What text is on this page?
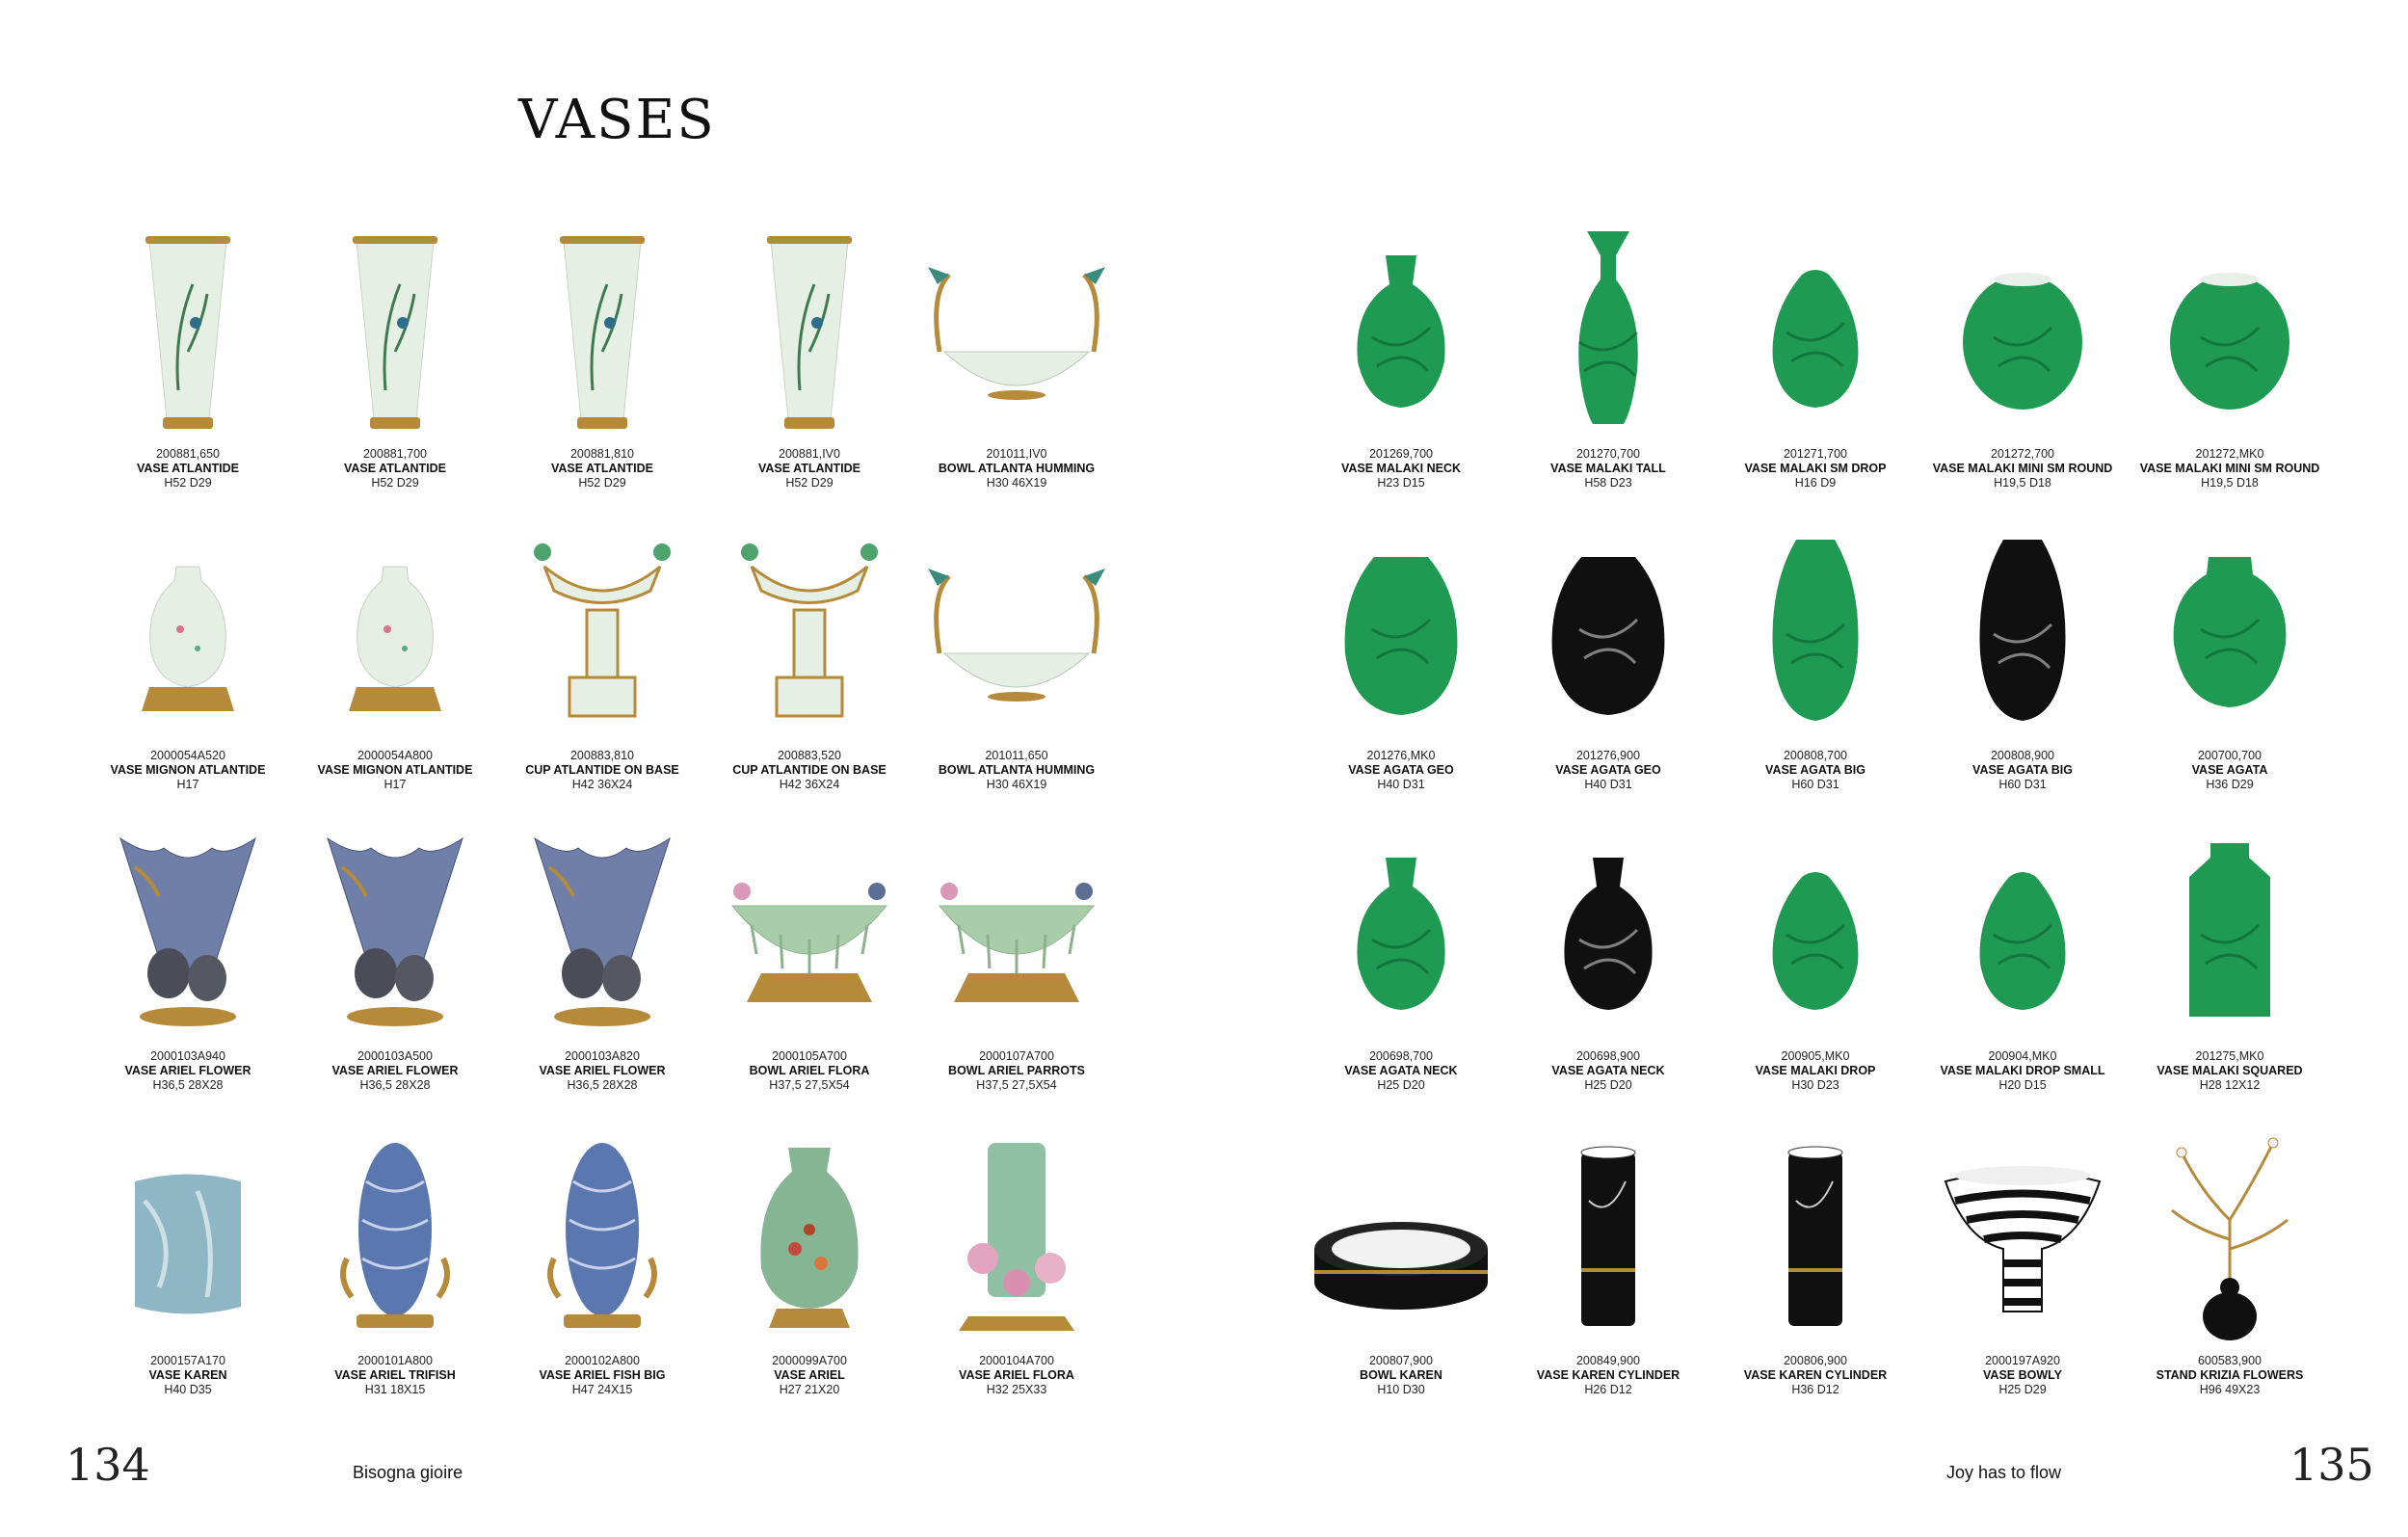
VASES
200881,650
VASE ATLANTIDE
H52 D29
200881,700
VASE ATLANTIDE
H52 D29
200881,810
VASE ATLANTIDE
H52 D29
200881,IV0
VASE ATLANTIDE
H52 D29
201011,IV0
BOWL ATLANTA HUMMING
H30 46X19
2000054A520
VASE MIGNON ATLANTIDE
H17
2000054A800
VASE MIGNON ATLANTIDE
H17
200883,810
CUP ATLANTIDE ON BASE
H42 36X24
200883,520
CUP ATLANTIDE ON BASE
H42 36X24
201011,650
BOWL ATLANTA HUMMING
H30 46X19
2000103A940
VASE ARIEL FLOWER
H36,5 28X28
2000103A500
VASE ARIEL FLOWER
H36,5 28X28
2000103A820
VASE ARIEL FLOWER
H36,5 28X28
2000105A700
BOWL ARIEL FLORA
H37,5 27,5X54
2000107A700
BOWL ARIEL PARROTS
H37,5 27,5X54
2000157A170
VASE KAREN
H40 D35
2000101A800
VASE ARIEL TRIFISH
H31 18X15
2000102A800
VASE ARIEL FISH BIG
H47 24X15
2000099A700
VASE ARIEL
H27 21X20
2000104A700
VASE ARIEL FLORA
H32 25X33
201269,700
VASE MALAKI NECK
H23 D15
201270,700
VASE MALAKI TALL
H58 D23
201271,700
VASE MALAKI SM DROP
H16 D9
201272,700
VASE MALAKI MINI SM ROUND
H19,5 D18
201272,MK0
VASE MALAKI MINI SM ROUND
H19,5 D18
201276,MK0
VASE AGATA GEO
H40 D31
201276,900
VASE AGATA GEO
H40 D31
200808,700
VASE AGATA BIG
H60 D31
200808,900
VASE AGATA BIG
H60 D31
200700,700
VASE AGATA
H36 D29
200698,700
VASE AGATA NECK
H25 D20
200698,900
VASE AGATA NECK
H25 D20
200905,MK0
VASE MALAKI DROP
H30 D23
200904,MK0
VASE MALAKI DROP SMALL
H20 D15
201275,MK0
VASE MALAKI SQUARED
H28 12X12
200807,900
BOWL KAREN
H10 D30
200849,900
VASE KAREN CYLINDER
H26 D12
200806,900
VASE KAREN CYLINDER
H36 D12
2000197A920
VASE BOWLY
H25 D29
600583,900
STAND KRIZIA FLOWERS
H96 49X23
134	Bisogna gioire	Joy has to flow	135
